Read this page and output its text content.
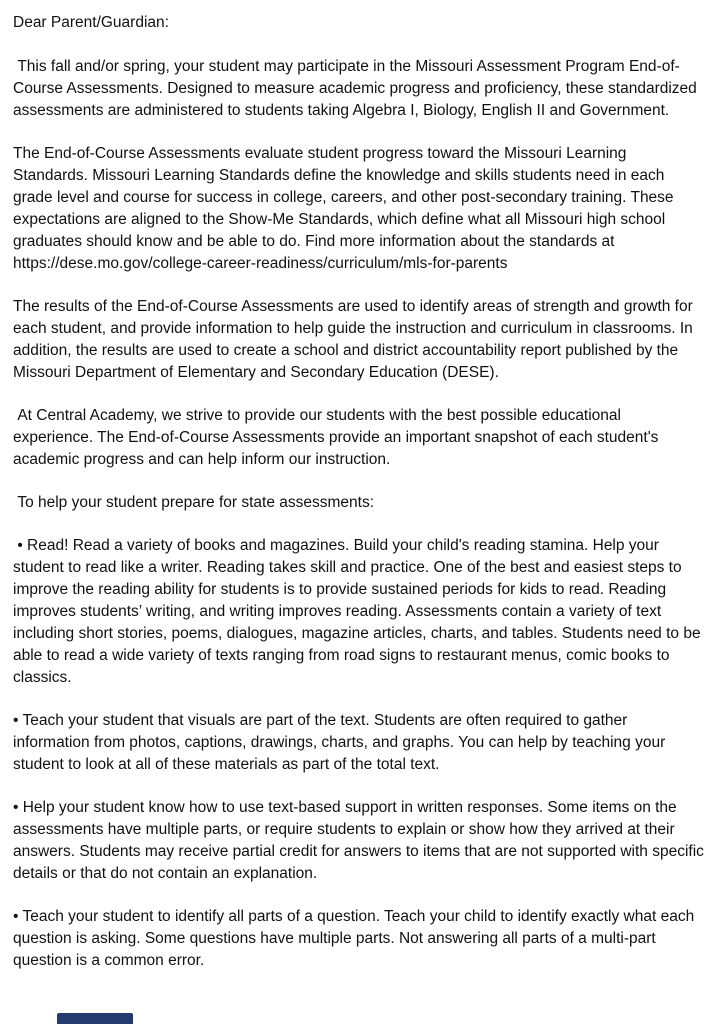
Dear Parent/Guardian:

This fall and/or spring, your student may participate in the Missouri Assessment Program End-of-Course Assessments. Designed to measure academic progress and proficiency, these standardized assessments are administered to students taking Algebra I, Biology, English II and Government.

The End-of-Course Assessments evaluate student progress toward the Missouri Learning Standards. Missouri Learning Standards define the knowledge and skills students need in each grade level and course for success in college, careers, and other post-secondary training. These expectations are aligned to the Show-Me Standards, which define what all Missouri high school graduates should know and be able to do. Find more information about the standards at https://dese.mo.gov/college-career-readiness/curriculum/mls-for-parents

The results of the End-of-Course Assessments are used to identify areas of strength and growth for each student, and provide information to help guide the instruction and curriculum in classrooms. In addition, the results are used to create a school and district accountability report published by the Missouri Department of Elementary and Secondary Education (DESE).

At Central Academy, we strive to provide our students with the best possible educational experience. The End-of-Course Assessments provide an important snapshot of each student's academic progress and can help inform our instruction.

To help your student prepare for state assessments:

• Read! Read a variety of books and magazines. Build your child's reading stamina. Help your student to read like a writer. Reading takes skill and practice. One of the best and easiest steps to improve the reading ability for students is to provide sustained periods for kids to read. Reading improves students’ writing, and writing improves reading. Assessments contain a variety of text including short stories, poems, dialogues, magazine articles, charts, and tables. Students need to be able to read a wide variety of texts ranging from road signs to restaurant menus, comic books to classics.

• Teach your student that visuals are part of the text. Students are often required to gather information from photos, captions, drawings, charts, and graphs. You can help by teaching your student to look at all of these materials as part of the total text.

• Help your student know how to use text-based support in written responses. Some items on the assessments have multiple parts, or require students to explain or show how they arrived at their answers. Students may receive partial credit for answers to items that are not supported with specific details or that do not contain an explanation.

• Teach your student to identify all parts of a question. Teach your child to identify exactly what each question is asking. Some questions have multiple parts. Not answering all parts of a multi-part question is a common error.
